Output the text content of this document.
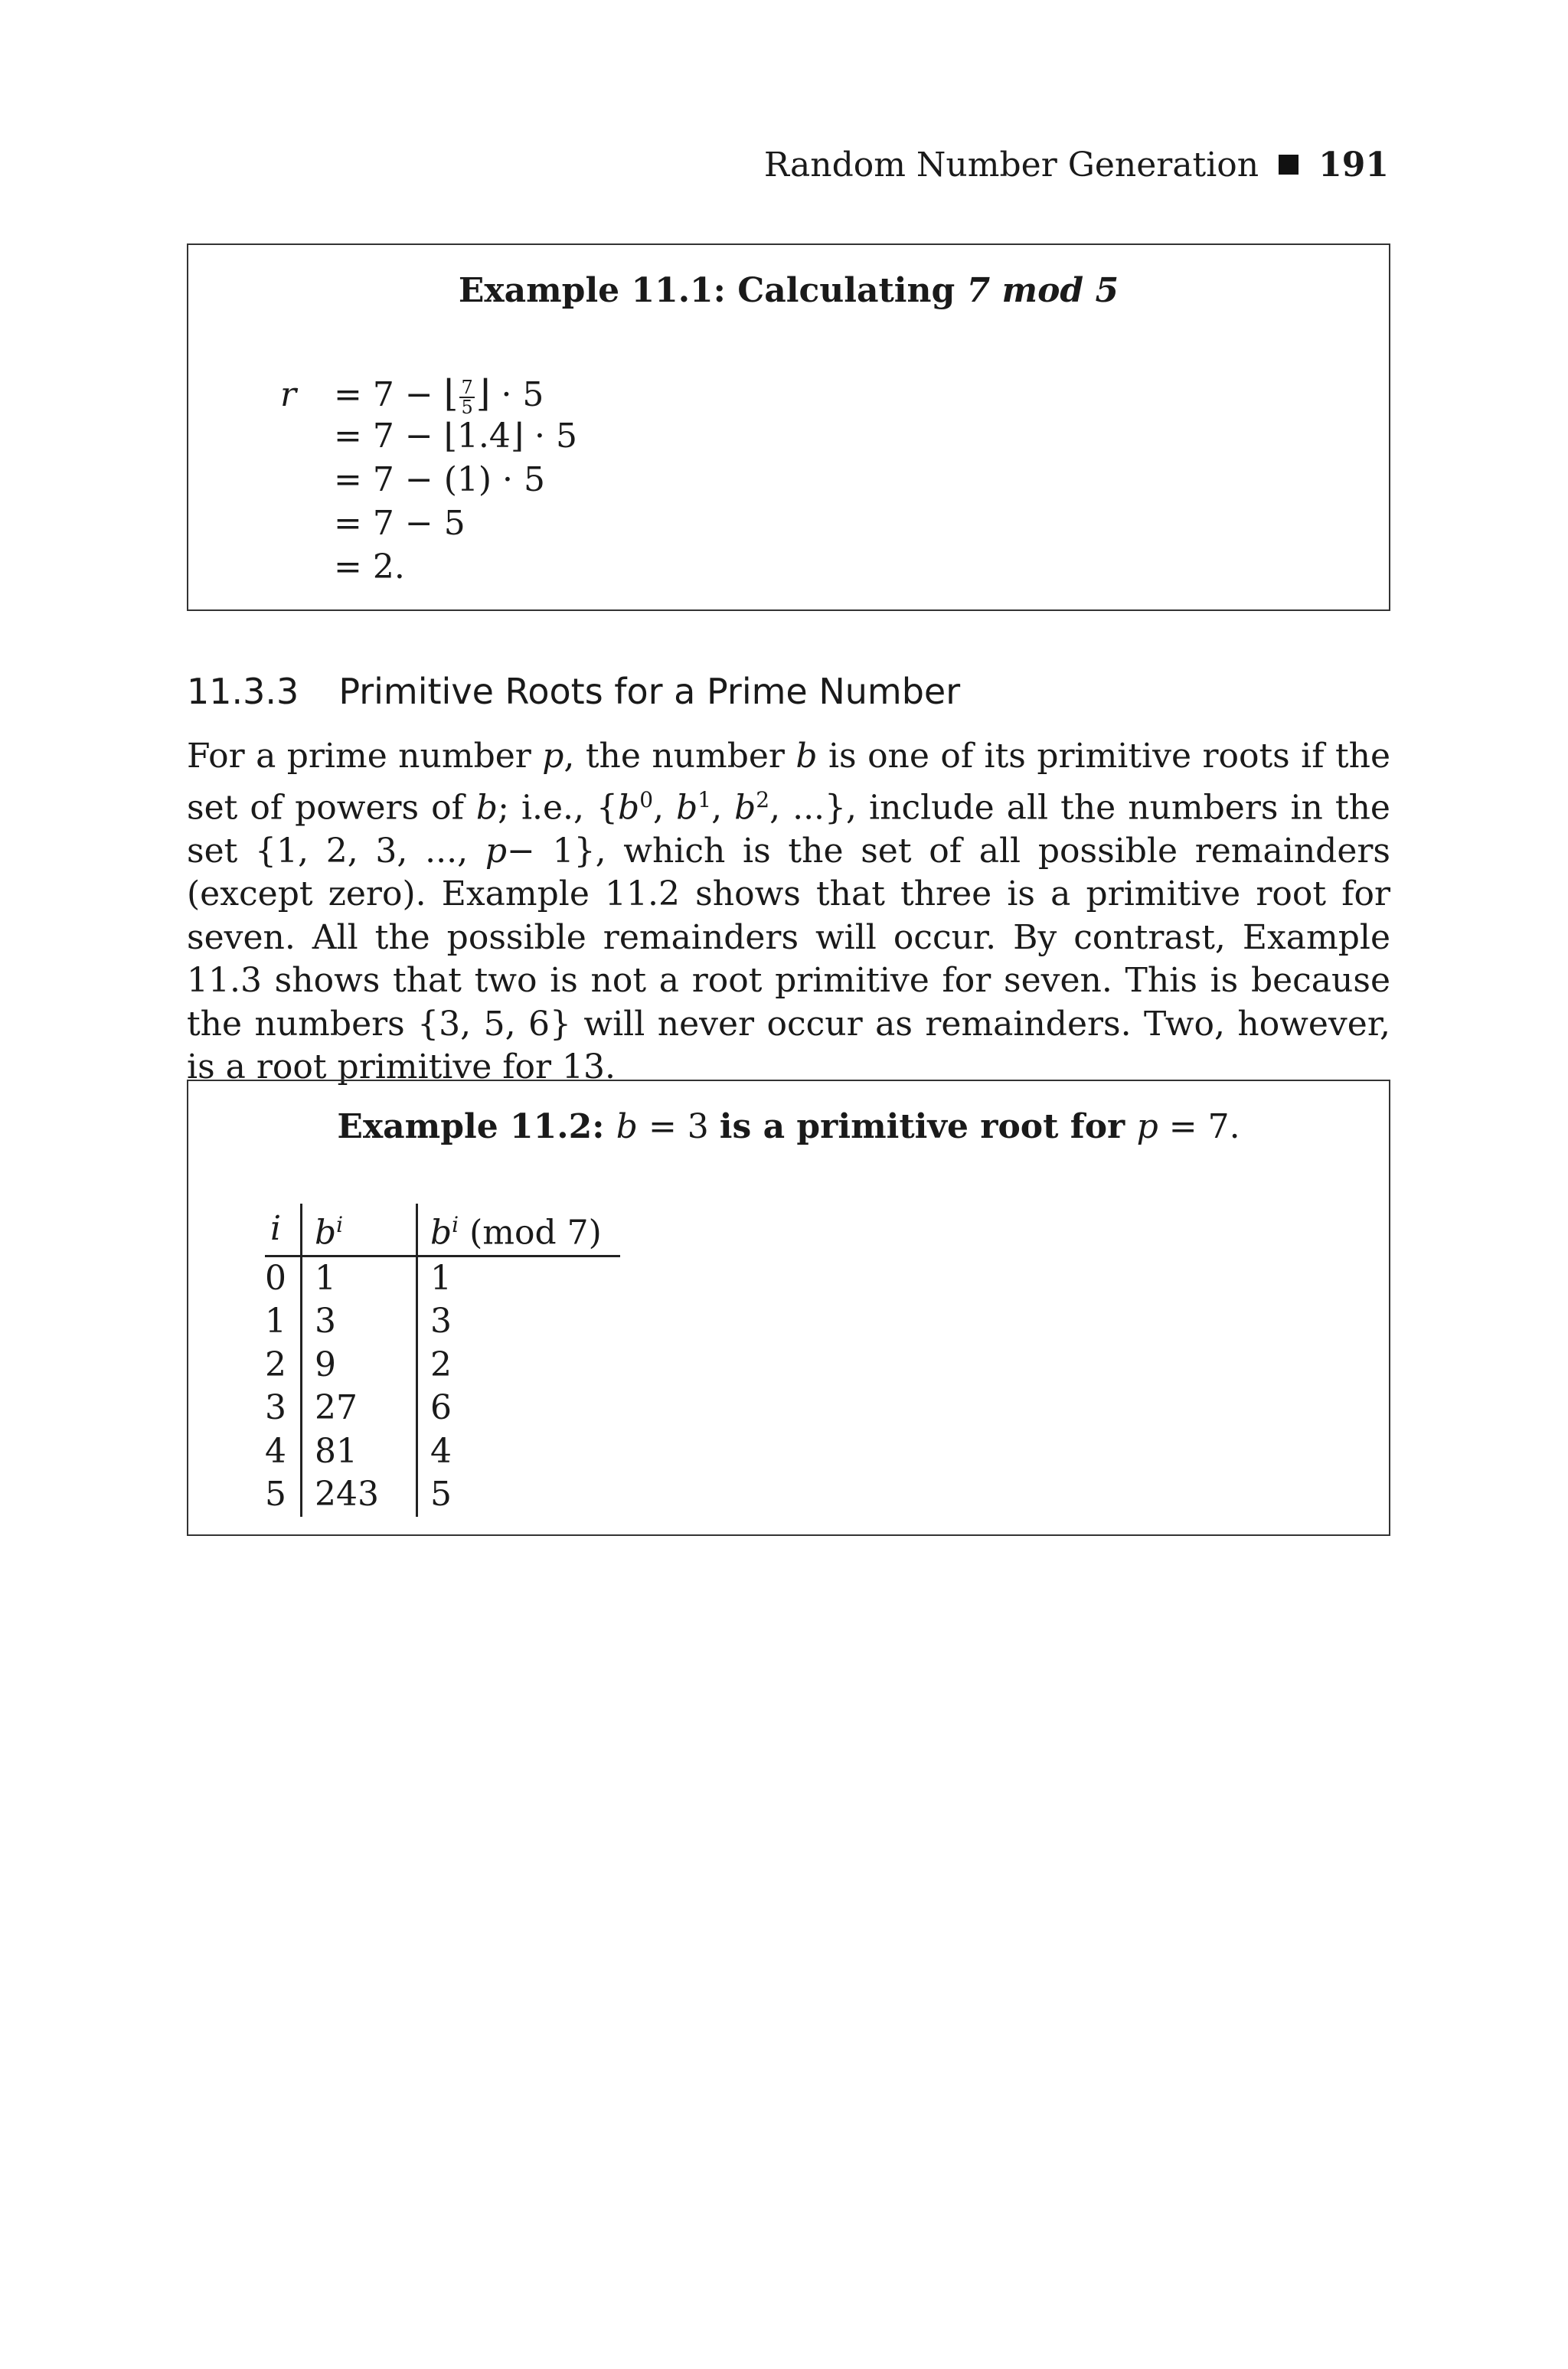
Random Number Generation 191
Example 11.1: Calculating 7 mod 5
r = 7 − ⌊ $\frac{7}{5}$ ⌋ · 5
= 7 − ⌊1.4⌋ · 5
= 7 − (1) · 5
= 7 − 5
= 2.
11.3.3 Primitive Roots for a Prime Number

For a prime number p, the number b is one of its primitive roots if the set of powers of b; i.e., {$b^0$, $b^1$, $b^2$, ...}, include all the numbers in the set {1, 2, 3, ..., p− 1}, which is the set of all possible remainders (except zero). Example 11.2 shows that three is a primitive root for seven. All the possible remainders will occur. By contrast, Example 11.3 shows that two is not a root primitive for seven. This is because the numbers {3, 5, 6} will never occur as remainders. Two, however, is a root primitive for 13.

Example 11.2: b = 3 is a primitive root for p = 7.
i	$b^i$	$b^i$ (mod 7)
0	1	1
1	3	3
2	9	2
3	27	6
4	81	4
5	243	5
